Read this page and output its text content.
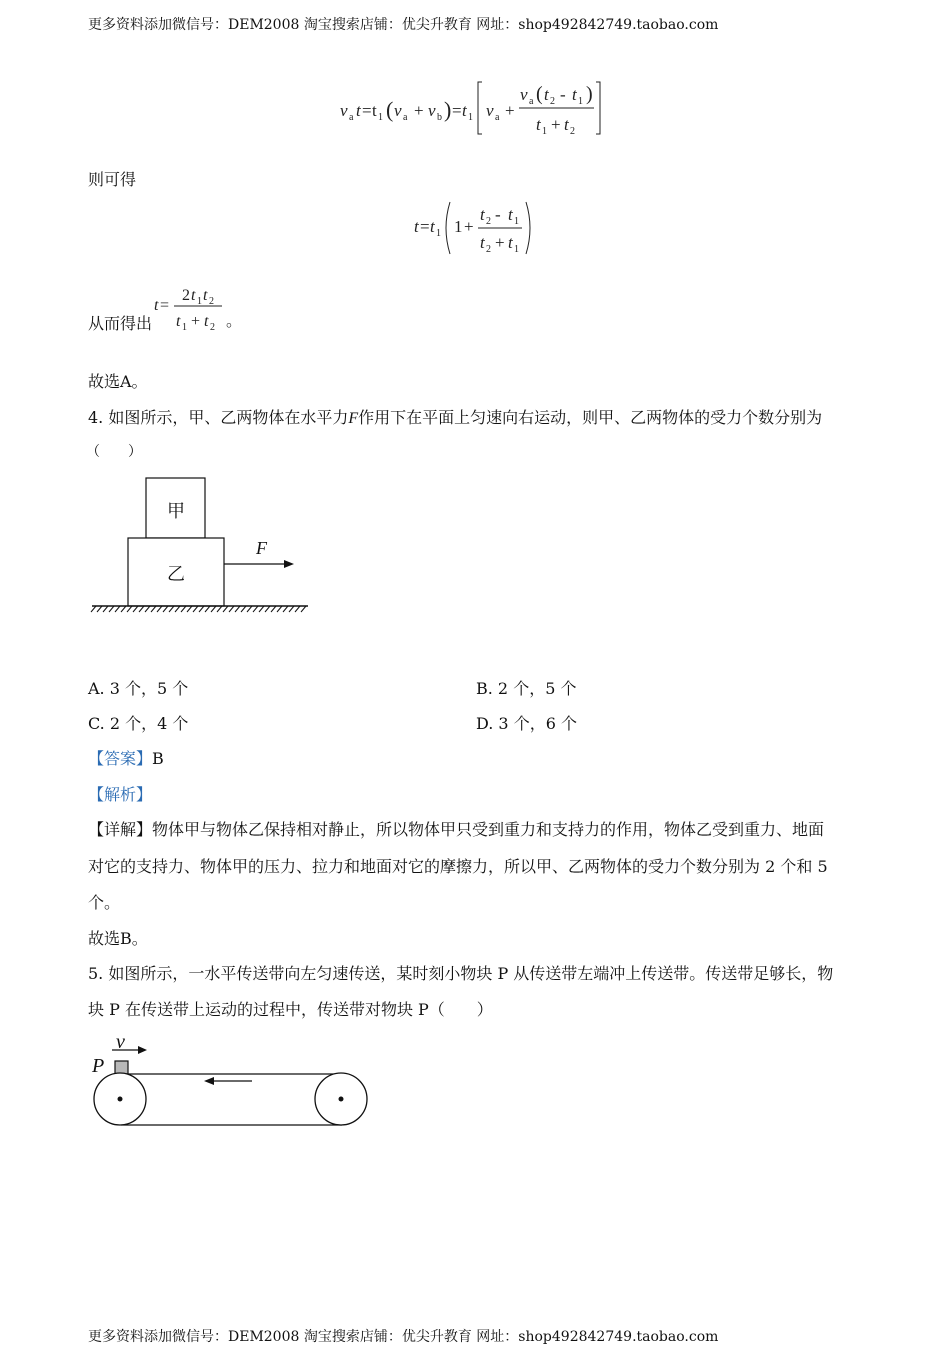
更多资料添加微信号：DEM2008 淘宝搜索店铺：优尖升教育 网址：shop492842749.taobao.com
v a t = t 1 ( v a + v b ) = t 1 v a +
v a ( t 2 - t 1 )
t 1 + t 2
则可得
t = t 1 1 +
t 2 - t 1
t 2 + t 1
从而得出
t =
2 t 1 t 2
t 1 + t 2 。
故选A。
4. 如图所示，甲、乙两物体在水平力F作用下在平面上匀速向右运动，则甲、乙两物体的受力个数分别为
（　　）
甲
乙
F
A. 3 个，5 个	B. 2 个，5 个
C. 2 个，4 个	D. 3 个，6 个
【答案】B
【解析】
【详解】物体甲与物体乙保持相对静止，所以物体甲只受到重力和支持力的作用，物体乙受到重力、地面
对它的支持力、物体甲的压力、拉力和地面对它的摩擦力，所以甲、乙两物体的受力个数分别为 2 个和 5
个。
故选B。
5. 如图所示，一水平传送带向左匀速传送，某时刻小物块 P 从传送带左端冲上传送带。传送带足够长，物
块 P 在传送带上运动的过程中，传送带对物块 P（　　）
v
P
更多资料添加微信号：DEM2008 淘宝搜索店铺：优尖升教育 网址：shop492842749.taobao.com
